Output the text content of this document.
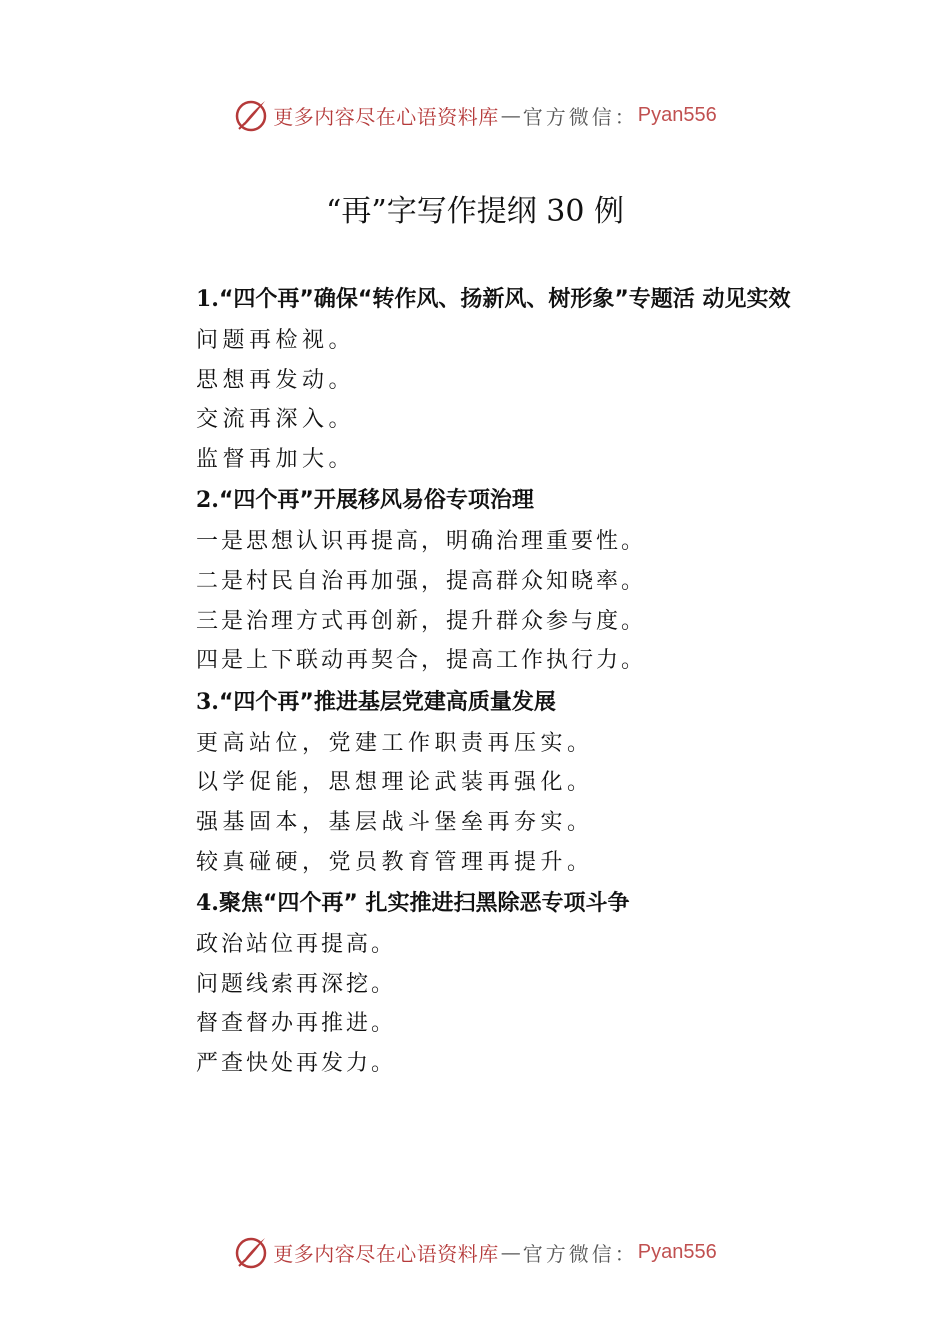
更多内容尽在心语资料库 — 官方微信： Pyan556
“再”字写作提纲 30 例

1.“四个再”确保“转作风、扬新风、树形象”专题活 动见实效

问题再检视。

思想再发动。

交流再深入。

监督再加大。

2.“四个再”开展移风易俗专项治理

一是思想认识再提高，明确治理重要性。

二是村民自治再加强，提高群众知晓率。

三是治理方式再创新，提升群众参与度。

四是上下联动再契合，提高工作执行力。

3.“四个再”推进基层党建高质量发展

更高站位，党建工作职责再压实。

以学促能，思想理论武装再强化。

强基固本，基层战斗堡垒再夯实。

较真碰硬，党员教育管理再提升。

4.聚焦“四个再” 扎实推进扫黑除恶专项斗争

政治站位再提高。

问题线索再深挖。

督查督办再推进。

严查快处再发力。

更多内容尽在心语资料库 — 官方微信： Pyan556
